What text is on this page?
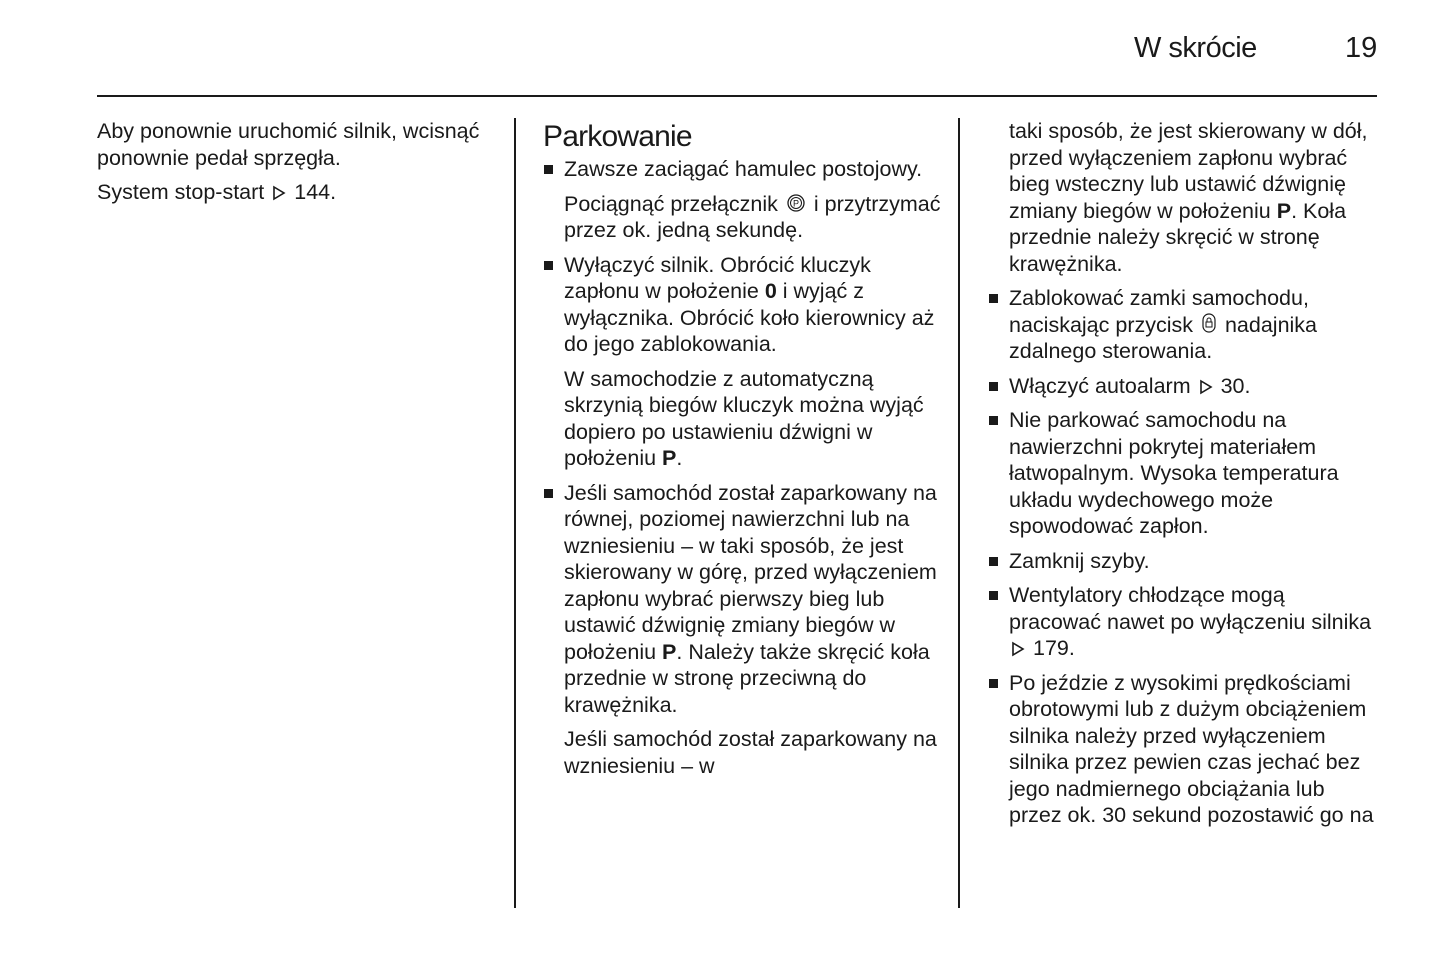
W skrócie	19

Aby ponownie uruchomić silnik, wcisnąć ponownie pedał sprzęgła.

System stop-start 144.

Parkowanie
Zawsze zaciągać hamulec postojowy.
Pociągnąć przełącznik P i przytrzymać przez ok. jedną sekundę.
Wyłączyć silnik. Obrócić kluczyk zapłonu w położenie 0 i wyjąć z wyłącznika. Obrócić koło kierownicy aż do jego zablokowania.
W samochodzie z automatyczną skrzynią biegów kluczyk można wyjąć dopiero po ustawieniu dźwigni w położeniu P.
Jeśli samochód został zaparkowany na równej, poziomej nawierzchni lub na wzniesieniu – w taki sposób, że jest skierowany w górę, przed wyłączeniem zapłonu wybrać pierwszy bieg lub ustawić dźwignię zmiany biegów w położeniu P. Należy także skręcić koła przednie w stronę przeciwną do krawężnika.
Jeśli samochód został zaparkowany na wzniesieniu – w
taki sposób, że jest skierowany w dół, przed wyłączeniem zapłonu wybrać bieg wsteczny lub ustawić dźwignię zmiany biegów w położeniu P. Koła przednie należy skręcić w stronę krawężnika.
Zablokować zamki samochodu, naciskając przycisk nadajnika zdalnego sterowania.
Włączyć autoalarm 30.
Nie parkować samochodu na nawierzchni pokrytej materiałem łatwopalnym. Wysoka temperatura układu wydechowego może spowodować zapłon.
Zamknij szyby.
Wentylatory chłodzące mogą pracować nawet po wyłączeniu silnika  179.
Po jeździe z wysokimi prędkościami obrotowymi lub z dużym obciążeniem silnika należy przed wyłączeniem silnika przez pewien czas jechać bez jego nadmiernego obciążania lub przez ok. 30 sekund pozostawić go na
